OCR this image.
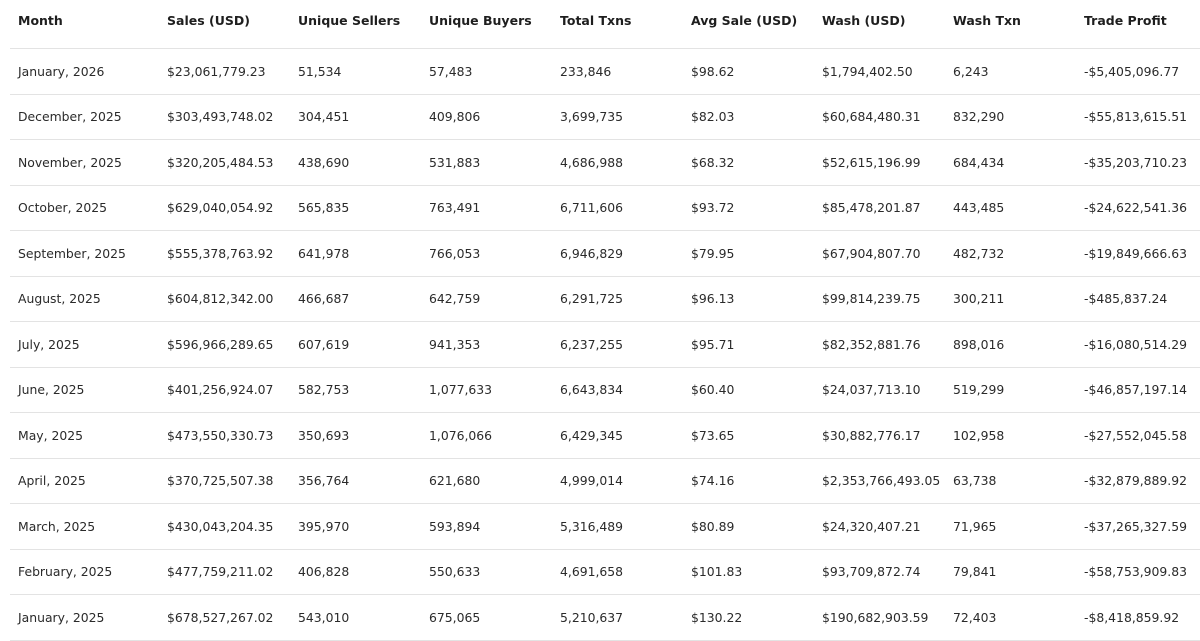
Month	Sales (USD)	Unique Sellers	Unique Buyers	Total Txns	Avg Sale (USD)	Wash (USD)	Wash Txn	Trade Profit
January, 2026	$23,061,779.23	51,534	57,483	233,846	$98.62	$1,794,402.50	6,243	-$5,405,096.77
December, 2025	$303,493,748.02	304,451	409,806	3,699,735	$82.03	$60,684,480.31	832,290	-$55,813,615.51
November, 2025	$320,205,484.53	438,690	531,883	4,686,988	$68.32	$52,615,196.99	684,434	-$35,203,710.23
October, 2025	$629,040,054.92	565,835	763,491	6,711,606	$93.72	$85,478,201.87	443,485	-$24,622,541.36
September, 2025	$555,378,763.92	641,978	766,053	6,946,829	$79.95	$67,904,807.70	482,732	-$19,849,666.63
August, 2025	$604,812,342.00	466,687	642,759	6,291,725	$96.13	$99,814,239.75	300,211	-$485,837.24
July, 2025	$596,966,289.65	607,619	941,353	6,237,255	$95.71	$82,352,881.76	898,016	-$16,080,514.29
June, 2025	$401,256,924.07	582,753	1,077,633	6,643,834	$60.40	$24,037,713.10	519,299	-$46,857,197.14
May, 2025	$473,550,330.73	350,693	1,076,066	6,429,345	$73.65	$30,882,776.17	102,958	-$27,552,045.58
April, 2025	$370,725,507.38	356,764	621,680	4,999,014	$74.16	$2,353,766,493.05	63,738	-$32,879,889.92
March, 2025	$430,043,204.35	395,970	593,894	5,316,489	$80.89	$24,320,407.21	71,965	-$37,265,327.59
February, 2025	$477,759,211.02	406,828	550,633	4,691,658	$101.83	$93,709,872.74	79,841	-$58,753,909.83
January, 2025	$678,527,267.02	543,010	675,065	5,210,637	$130.22	$190,682,903.59	72,403	-$8,418,859.92
